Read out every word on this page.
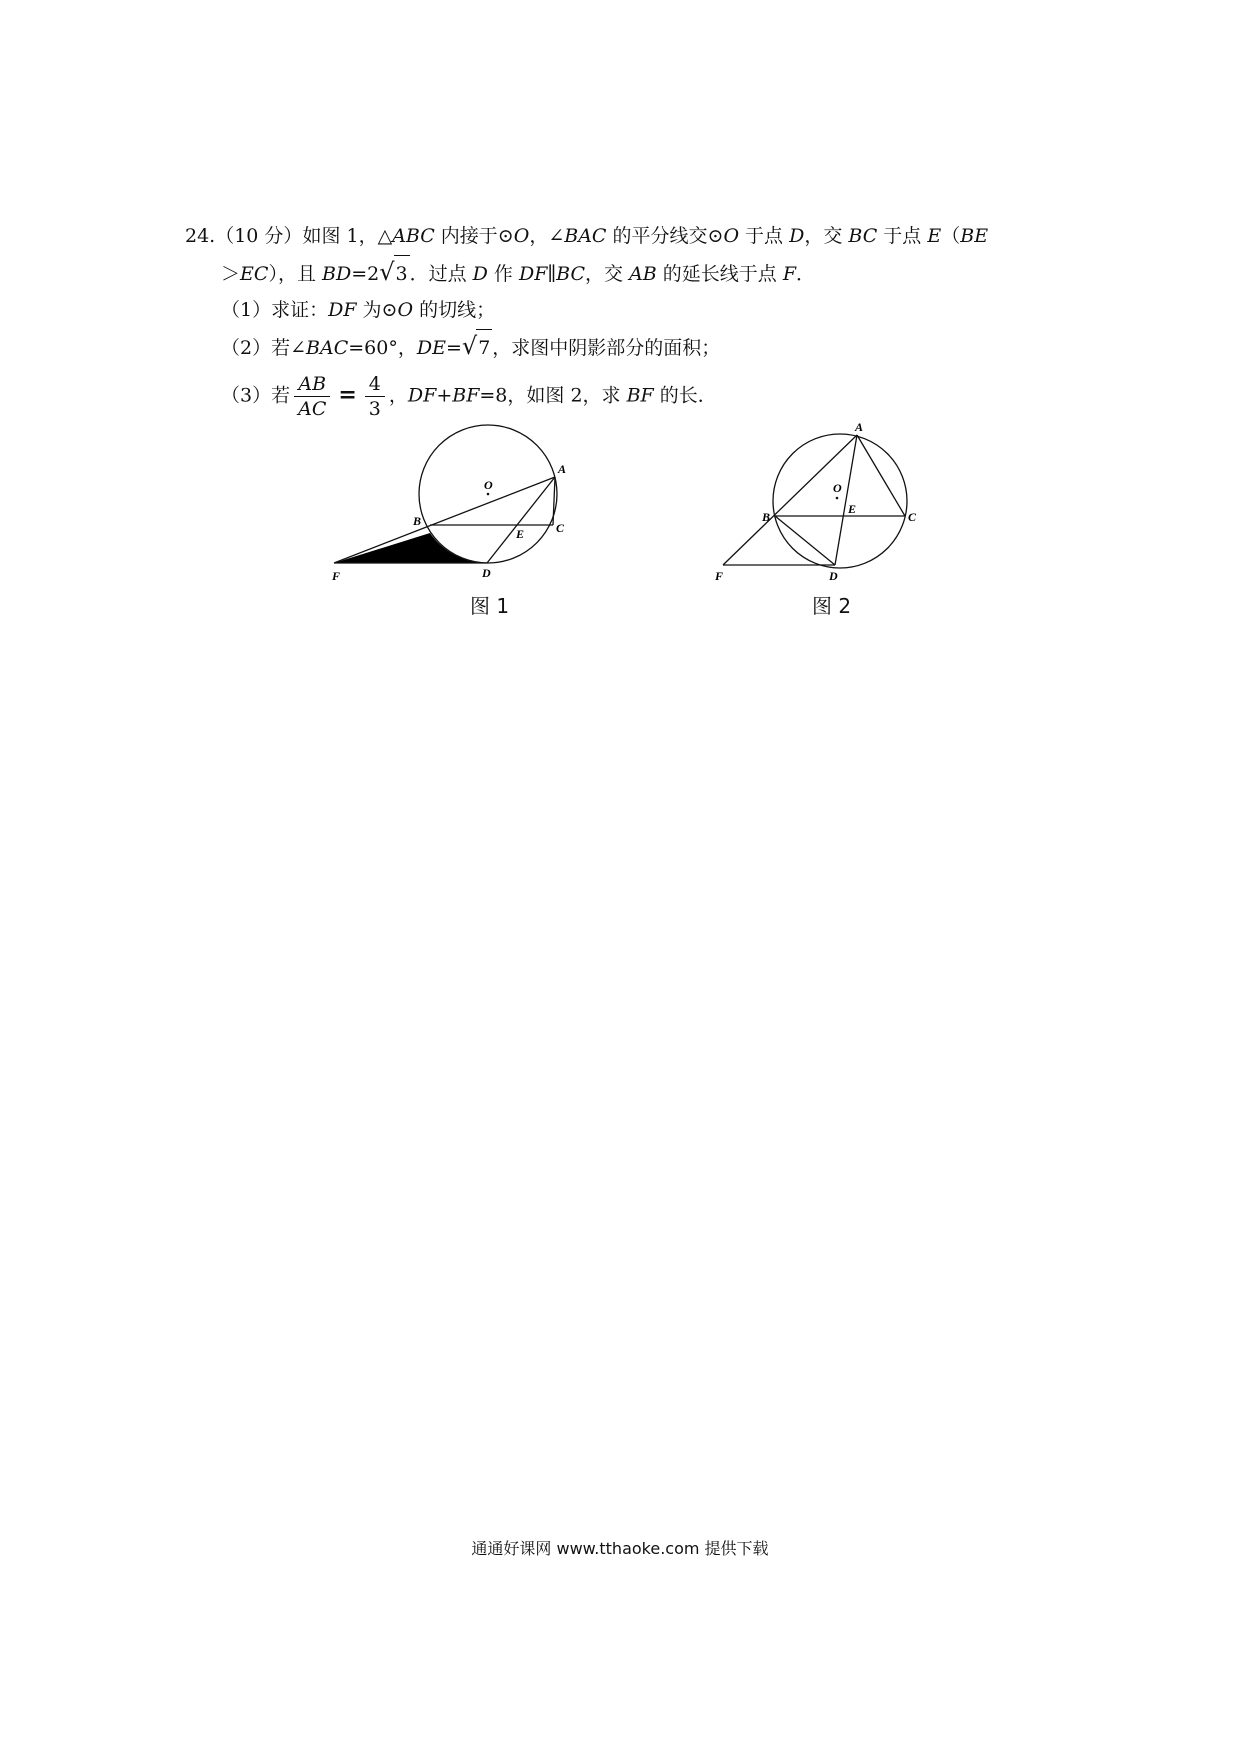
24.（10 分）如图 1，△ABC 内接于⊙O，∠BAC 的平分线交⊙O 于点 D，交 BC 于点 E（BE
＞EC），且 BD=2√3 ．过点 D 作 DF∥BC，交 AB 的延长线于点 F．
（1）求证：DF 为⊙O 的切线；
（2）若∠BAC=60°，DE=√7 ，求图中阴影部分的面积；
（3）若 $\frac{AB}{AC} = \frac{4}{3}$ ，DF+BF=8，如图 2，求 BF 的长．
A
B	C
D
E
F
O
图 1
A
B	C
D
E
F
O
图 2
通通好课网 www.tthaoke.com 提供下载
